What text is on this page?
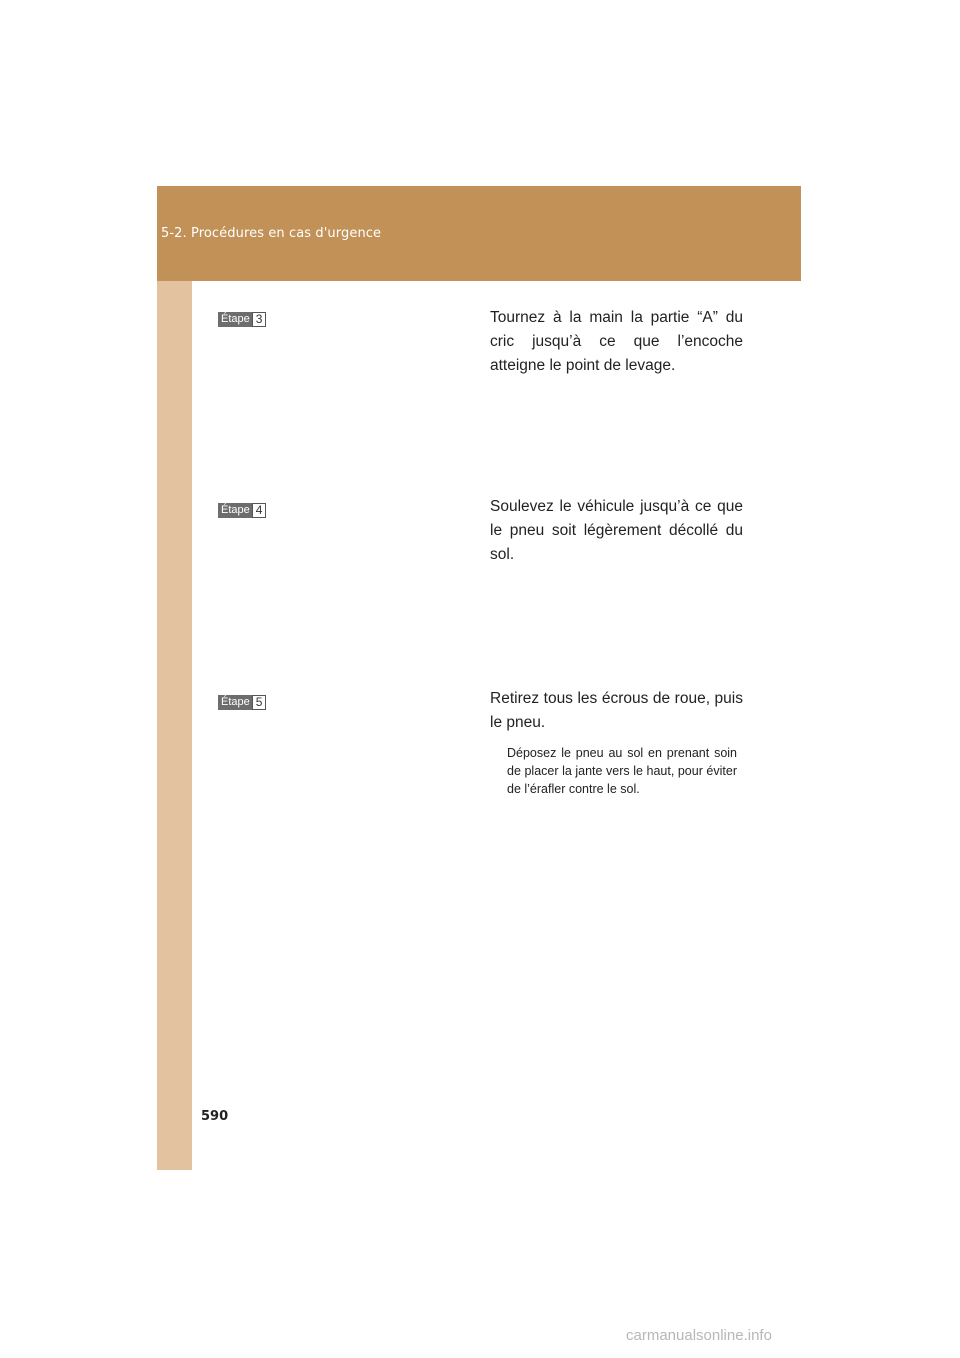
5-2. Procédures en cas d'urgence
Étape 3	Tournez à la main la partie “A” du cric jusqu’à ce que l’encoche atteigne le point de levage.
Étape 4	Soulevez le véhicule jusqu’à ce que le pneu soit légèrement décollé du sol.
Étape 5	Retirez tous les écrous de roue, puis le pneu.
Déposez le pneu au sol en prenant soin de placer la jante vers le haut, pour éviter de l’érafler contre le sol.
590
carmanualsonline.info
